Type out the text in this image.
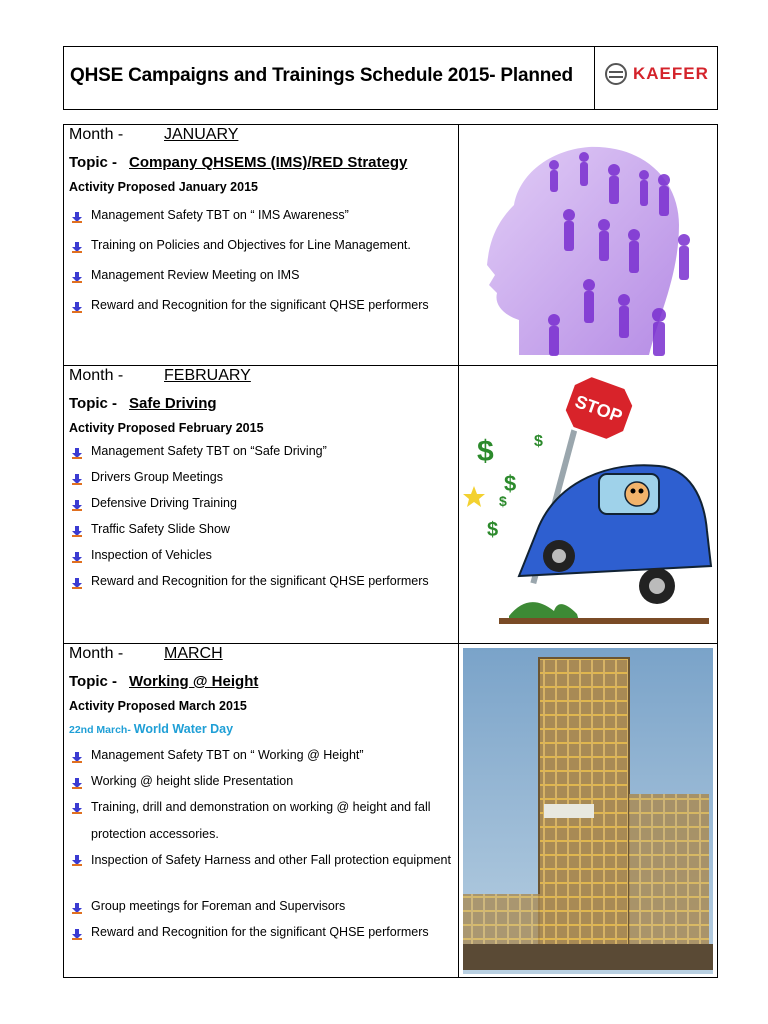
QHSE Campaigns and Trainings Schedule 2015- Planned	KAEFER
Month -	JANUARY
Topic - Company QHSEMS (IMS)/RED Strategy
Activity Proposed January 2015
Management Safety TBT on “ IMS Awareness”
Training on Policies and Objectives for Line Management.
Management Review Meeting on IMS
Reward and Recognition for the significant QHSE performers
Month -	FEBRUARY
Topic - Safe Driving
Activity Proposed February 2015
Management Safety TBT on “Safe Driving”
Drivers Group Meetings
Defensive Driving Training
Traffic Safety Slide Show
Inspection of Vehicles
Reward and Recognition for the significant QHSE performers
STOP
$
$
$
$
$
Month -	MARCH
Topic - Working @ Height
Activity Proposed March 2015
22nd March- World Water Day
Management Safety TBT on “ Working @ Height”
Working @ height slide Presentation
Training, drill and demonstration on working @ height and fall protection accessories.
Inspection of Safety Harness and other Fall protection equipment
Group meetings for Foreman and Supervisors
Reward and Recognition for the significant QHSE performers
